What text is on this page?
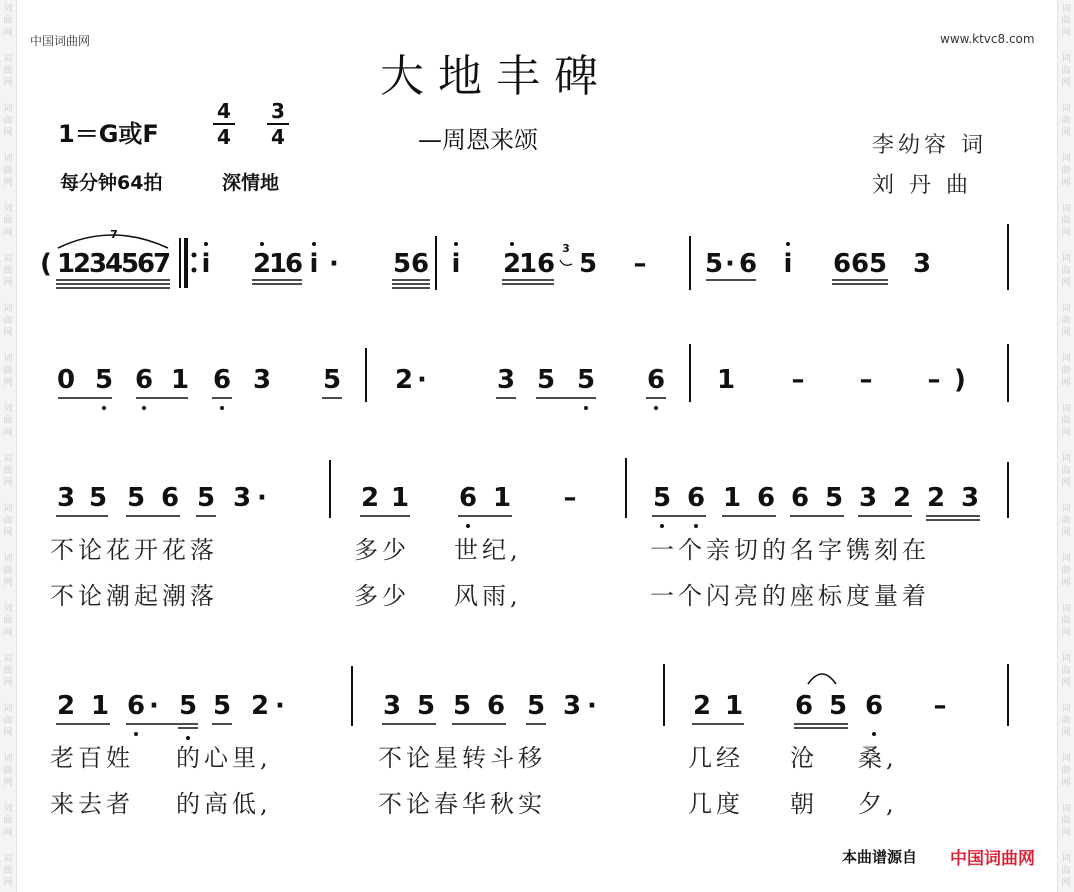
词
曲
网
词
曲
网
词
曲
网
词
曲
网
词
曲
网
词
曲
网
词
曲
网
词
曲
网
词
曲
网
词
曲
网
词
曲
网
词
曲
网
词
曲
网
词
曲
网
词
曲
网
词
曲
网
词
曲
网
词
曲
网
词
曲
网
词
曲
网
词
曲
网
词
曲
网
词
曲
网
词
曲
网
词
曲
网
词
曲
网
词
曲
网
词
曲
网
词
曲
网
词
曲
网
词
曲
网
词
曲
网
词
曲
网
词
曲
网
词
曲
网
词
曲
网
中国词曲网	www.ktvc8.com
大地丰碑
—周恩来颂	李幼容 词
刘 丹 曲
1＝G或F
4
4
3
4
每分钟64拍	深情地
( 1
2
3
4
5
6
7
7
i 2
1
6 i · 5 6 i 2
1 6
3
5 – 5 · 6 i 6 6 5 3
0 5 6 1 6 3 5 2 ·	3 5 5 6 1 – – – )
3 5 5 6 5 3 ·	2 1 6 1 –	5 6 1 6 6 5 3 2 2 3
不论花开花落	多少 世纪,	一个亲切的名字镌刻在
不论潮起潮落	多少 风雨,	一个闪亮的座标度量着
2 1 6 · 5 5 2 ·	3 5 5 6 5 3 ·	2 1 6 5 6 –
老百姓 的心里,	不论星转斗移	几经 沧 桑,
来去者 的高低,	不论春华秋实	几度 朝 夕,
本曲谱源自 中国词曲网
